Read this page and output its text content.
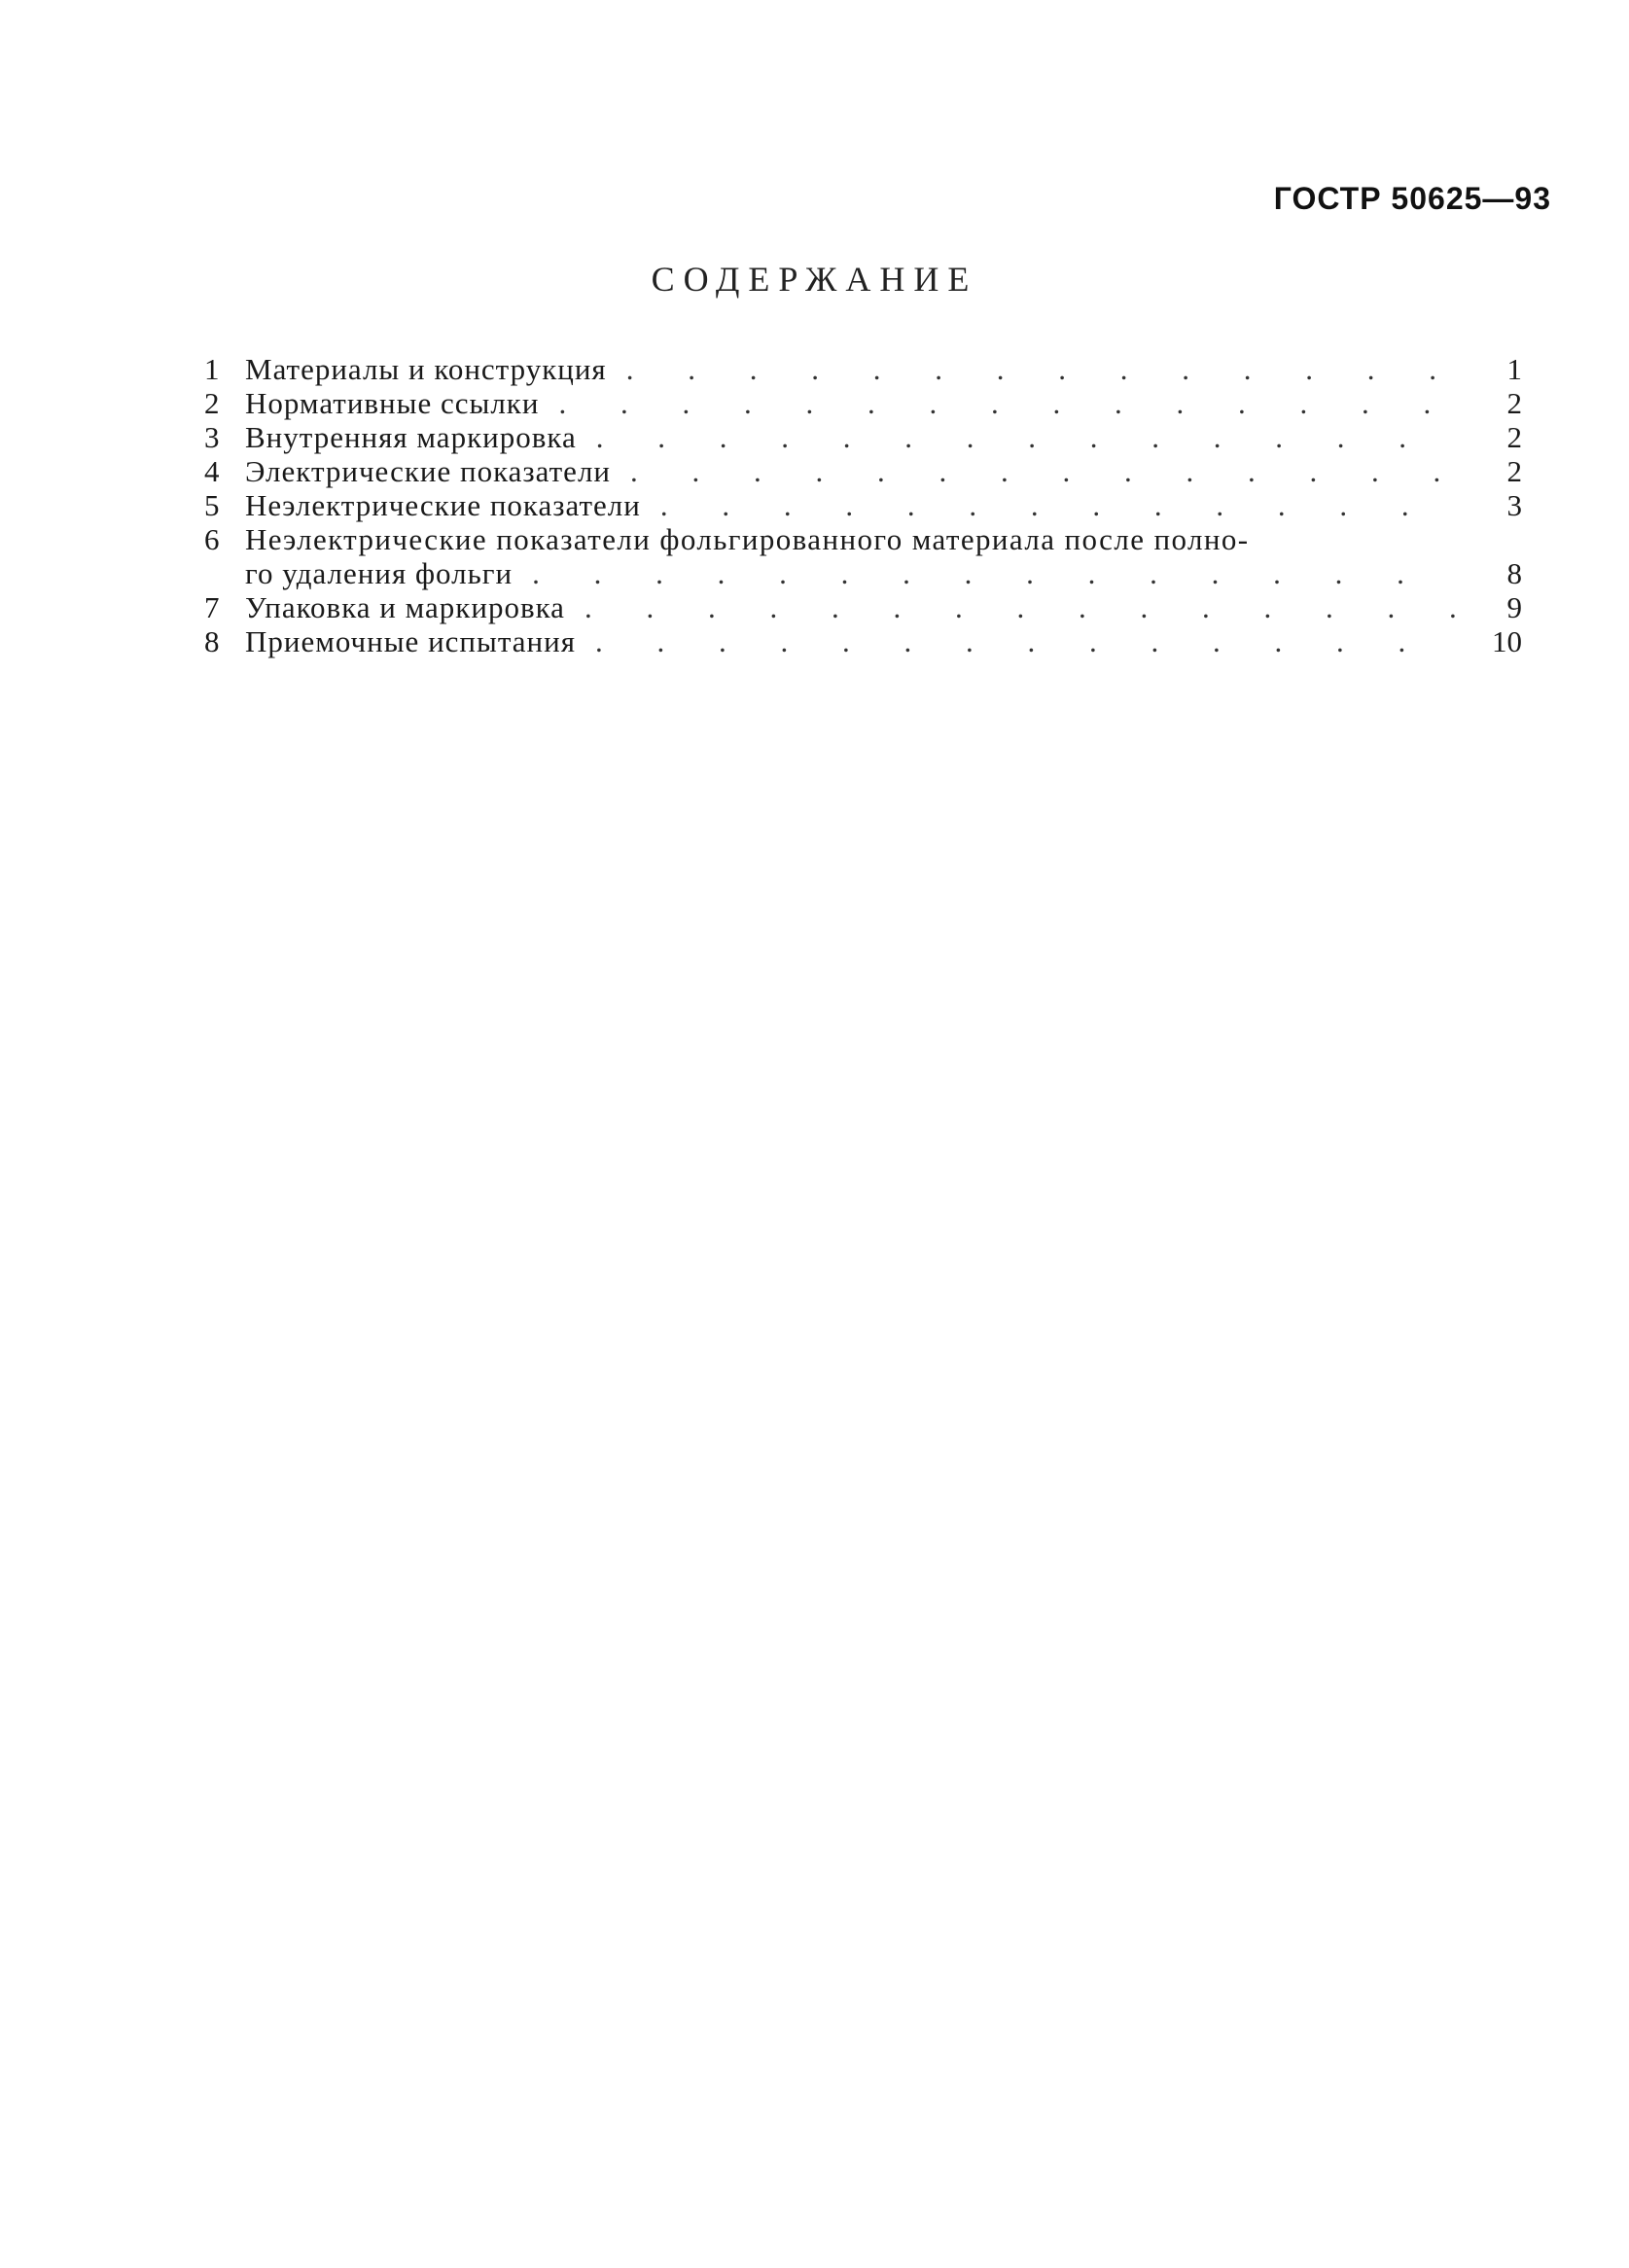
ГОСТР 50625—93
СОДЕРЖАНИЕ
1 Материалы и конструкция . . .	1
2 Нормативные ссылки . . .	2
3 Внутренняя маркировка . . .	2
4 Электрические показатели . . .	2
5 Неэлектрические показатели . . .	3
6 Неэлектрические показатели фольгированного материала после полно-
го удаления фольги . . .	8
7 Упаковка и маркировка . . .	9
8 Приемочные испытания . . .	10
